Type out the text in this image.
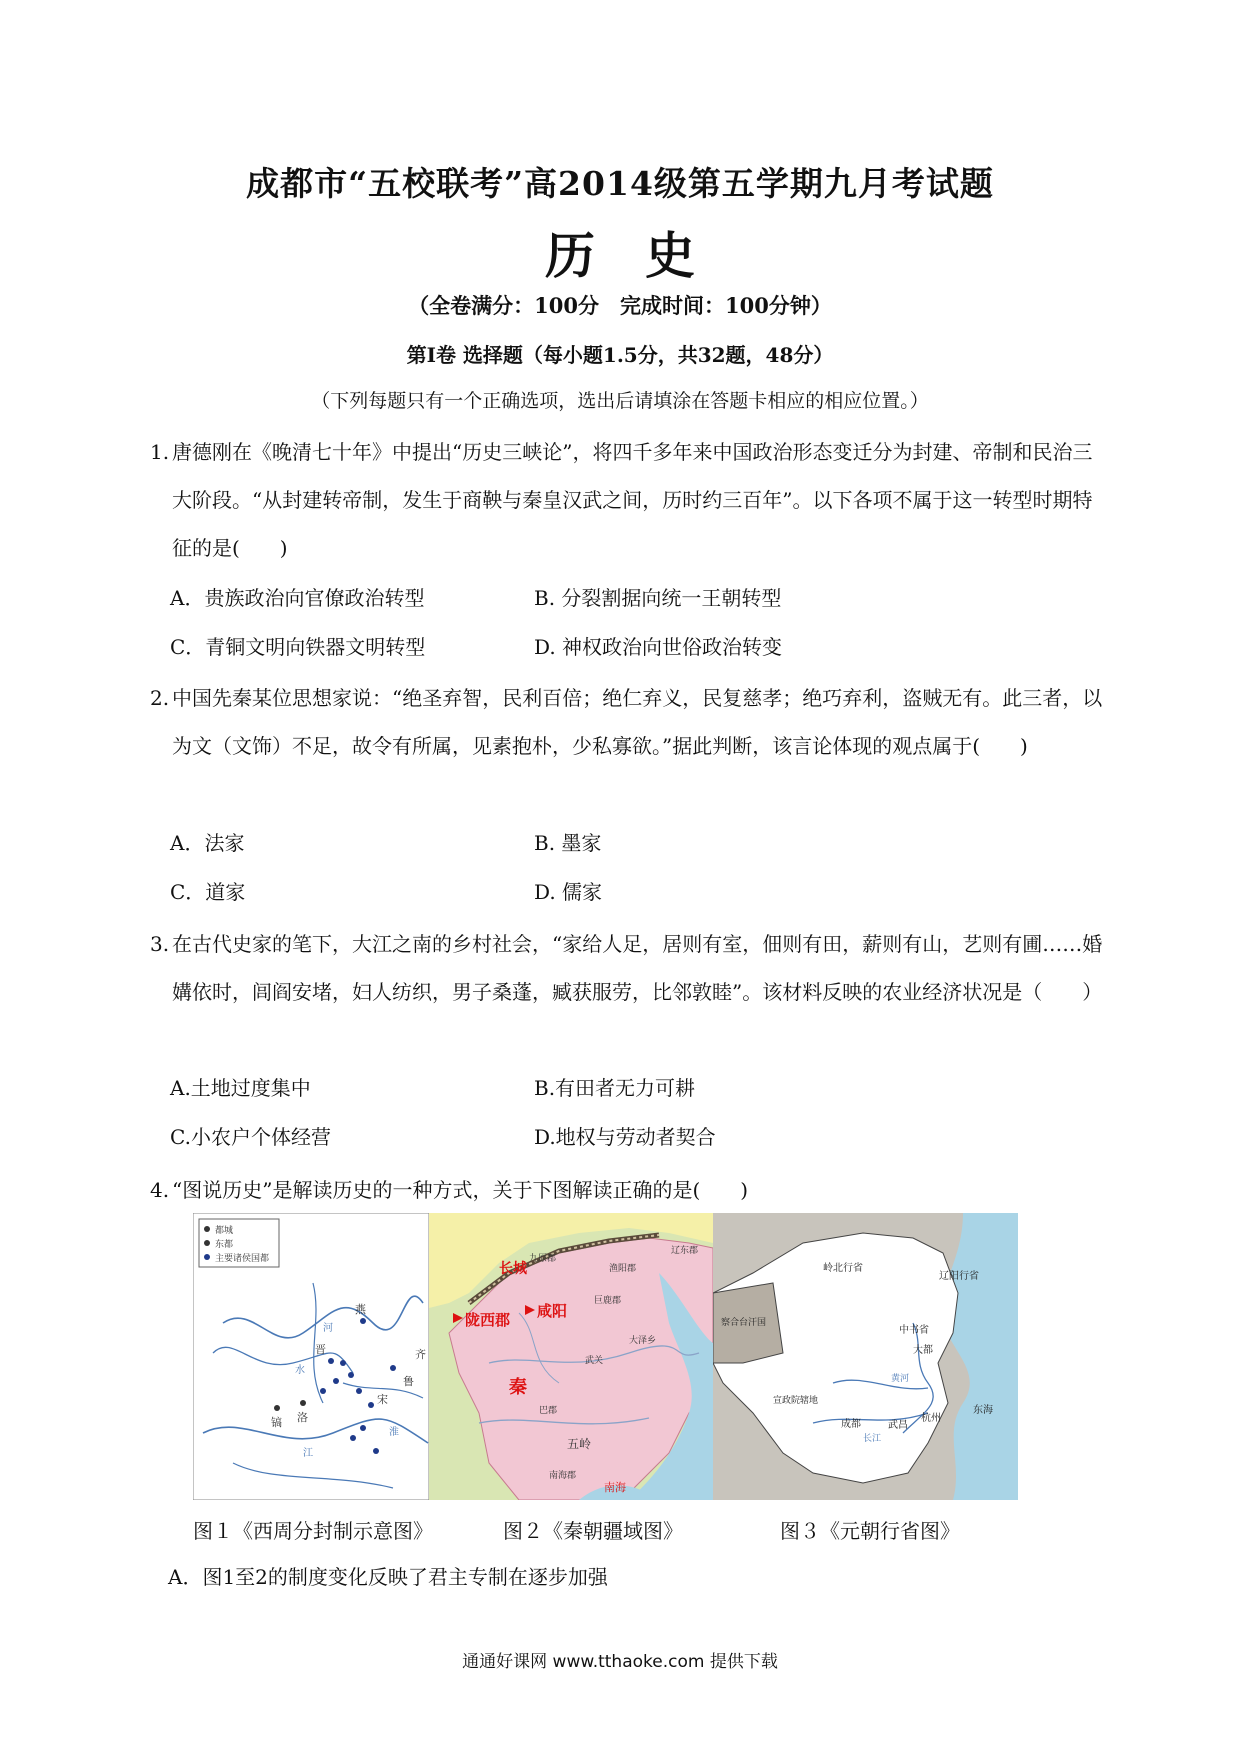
成都市“五校联考”高2014级第五学期九月考试题
历　史
（全卷满分：100分　完成时间：100分钟）
第Ⅰ卷 选择题（每小题1.5分，共32题，48分）
（下列每题只有一个正确选项，选出后请填涂在答题卡相应的相应位置。）
1. 唐德刚在《晚清七十年》中提出“历史三峡论”，将四千多年来中国政治形态变迁分为封建、帝制和民治三大阶段。“从封建转帝制，发生于商鞅与秦皇汉武之间，历时约三百年”。以下各项不属于这一转型时期特征的是(　　)
A．贵族政治向官僚政治转型	B. 分裂割据向统一王朝转型
C．青铜文明向铁器文明转型	D. 神权政治向世俗政治转变
2. 中国先秦某位思想家说：“绝圣弃智，民利百倍；绝仁弃义，民复慈孝；绝巧弃利，盗贼无有。此三者，以为文（文饰）不足，故令有所属，见素抱朴，少私寡欲。”据此判断，该言论体现的观点属于(　　)
A．法家	B. 墨家
C．道家	D. 儒家
3. 在古代史家的笔下，大江之南的乡村社会，“家给人足，居则有室，佃则有田，薪则有山，艺则有圃……婚媾依时，闾阎安堵，妇人纺织，男子桑蓬，臧获服劳，比邻敦睦”。该材料反映的农业经济状况是（　　）
A.土地过度集中	B.有田者无力可耕
C.小农户个体经营	D.地权与劳动者契合
4. “图说历史”是解读历史的一种方式，关于下图解读正确的是(　　)
都城
东都
主要诸侯国都
燕
齐
鲁
宋
晋
镐 洛
河
水
淮
江
长城
九原郡
渔阳郡
辽东郡
咸阳
陇西郡
巨鹿郡
秦
巴郡
五岭
南海郡
南海
武关
大泽乡
岭北行省
辽阳行省
察合台汗国
中书省
大都
宣政院辖地
成都	武昌
杭州
东海
黄河
长江
图１《西周分封制示意图》	图２《秦朝疆域图》	图３《元朝行省图》
A．图1至2的制度变化反映了君主专制在逐步加强
通通好课网 www.tthaoke.com 提供下载
